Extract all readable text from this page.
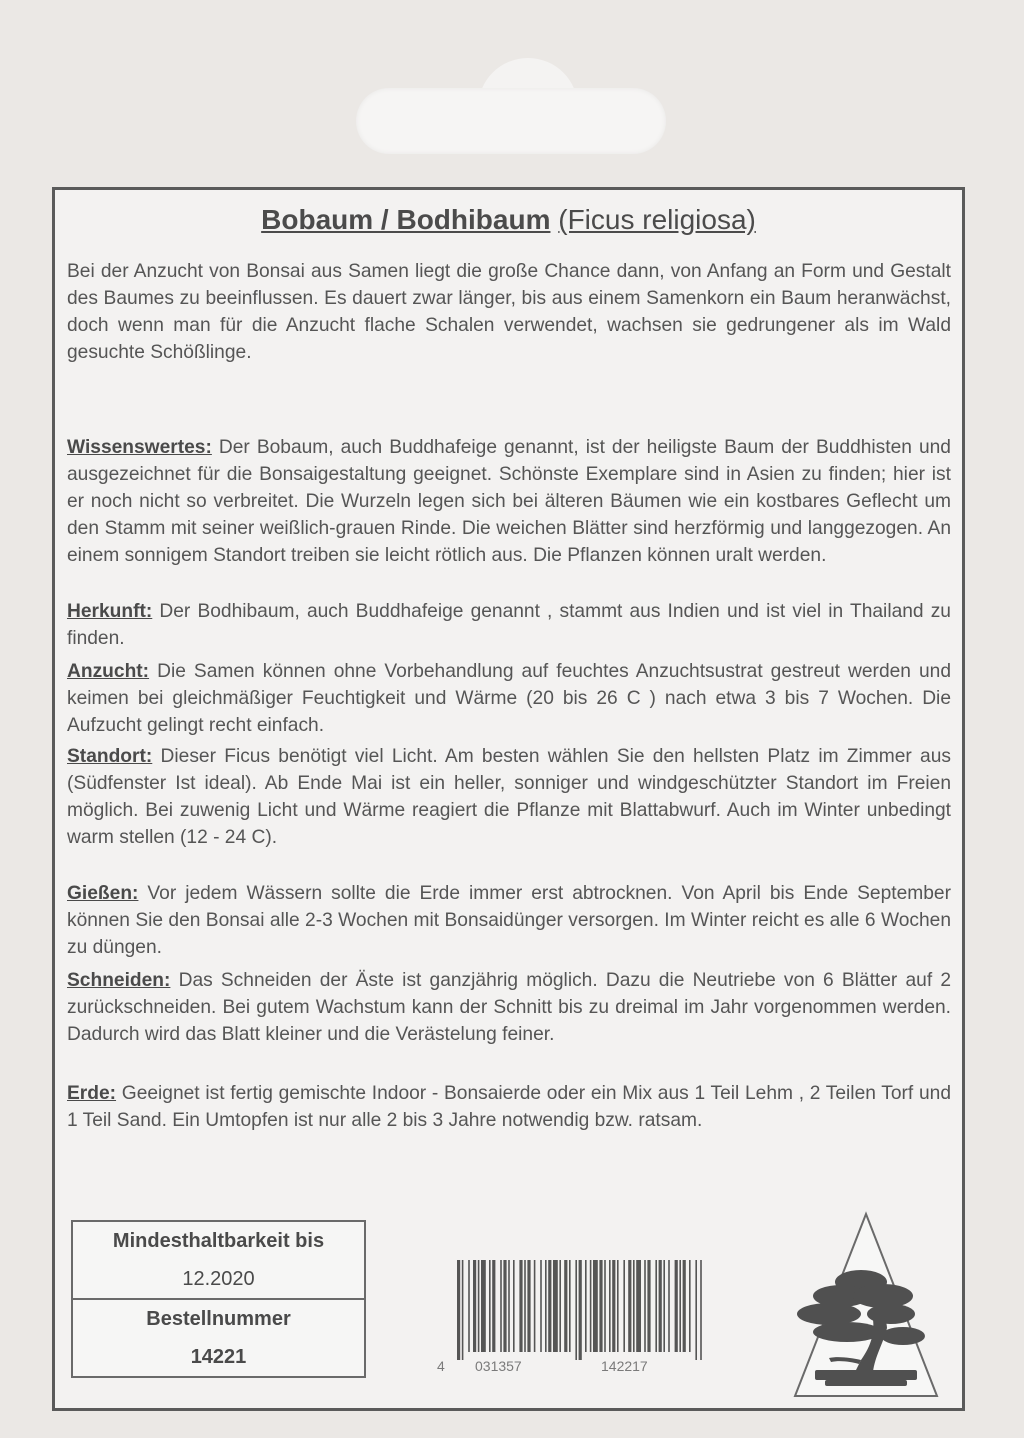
Bobaum / Bodhibaum (Ficus religiosa)
Bei der Anzucht von Bonsai aus Samen liegt die große Chance dann, von Anfang an Form und Gestalt des Baumes zu beeinflussen. Es dauert zwar länger, bis aus einem Samenkorn ein Baum heranwächst, doch wenn man für die Anzucht flache Schalen verwendet, wachsen sie gedrungener als im Wald gesuchte Schößlinge.
Wissenswertes: Der Bobaum, auch Buddhafeige genannt, ist der heiligste Baum der Buddhisten und ausgezeichnet für die Bonsaigestaltung geeignet. Schönste Exemplare sind in Asien zu finden; hier ist er noch nicht so verbreitet. Die Wurzeln legen sich bei älteren Bäumen wie ein kostbares Geflecht um den Stamm mit seiner weißlich-grauen Rinde. Die weichen Blätter sind herzförmig und langgezogen. An einem sonnigem Standort treiben sie leicht rötlich aus. Die Pflanzen können uralt werden.
Herkunft: Der Bodhibaum, auch Buddhafeige genannt , stammt aus Indien und ist viel in Thailand zu finden.
Anzucht: Die Samen können ohne Vorbehandlung auf feuchtes Anzuchtsustrat gestreut werden und keimen bei gleichmäßiger Feuchtigkeit und Wärme (20 bis 26 C ) nach etwa 3 bis 7 Wochen. Die Aufzucht gelingt recht einfach.
Standort: Dieser Ficus benötigt viel Licht. Am besten wählen Sie den hellsten Platz im Zimmer aus (Südfenster Ist ideal). Ab Ende Mai ist ein heller, sonniger und windgeschützter Standort im Freien möglich. Bei zuwenig Licht und Wärme reagiert die Pflanze mit Blattabwurf. Auch im Winter unbedingt warm stellen (12 - 24 C).
Gießen: Vor jedem Wässern sollte die Erde immer erst abtrocknen. Von April bis Ende September können Sie den Bonsai alle 2-3 Wochen mit Bonsaidünger versorgen. Im Winter reicht es alle 6 Wochen zu düngen.
Schneiden: Das Schneiden der Äste ist ganzjährig möglich. Dazu die Neutriebe von 6 Blätter auf 2 zurückschneiden. Bei gutem Wachstum kann der Schnitt bis zu dreimal im Jahr vorgenommen werden. Dadurch wird das Blatt kleiner und die Verästelung feiner.
Erde: Geeignet ist fertig gemischte Indoor - Bonsaierde oder ein Mix aus 1 Teil Lehm , 2 Teilen Torf und 1 Teil Sand. Ein Umtopfen ist nur alle 2 bis 3 Jahre notwendig bzw. ratsam.
Mindesthaltbarkeit bis
12.2020
Bestellnummer
14221	4 031357	142217
